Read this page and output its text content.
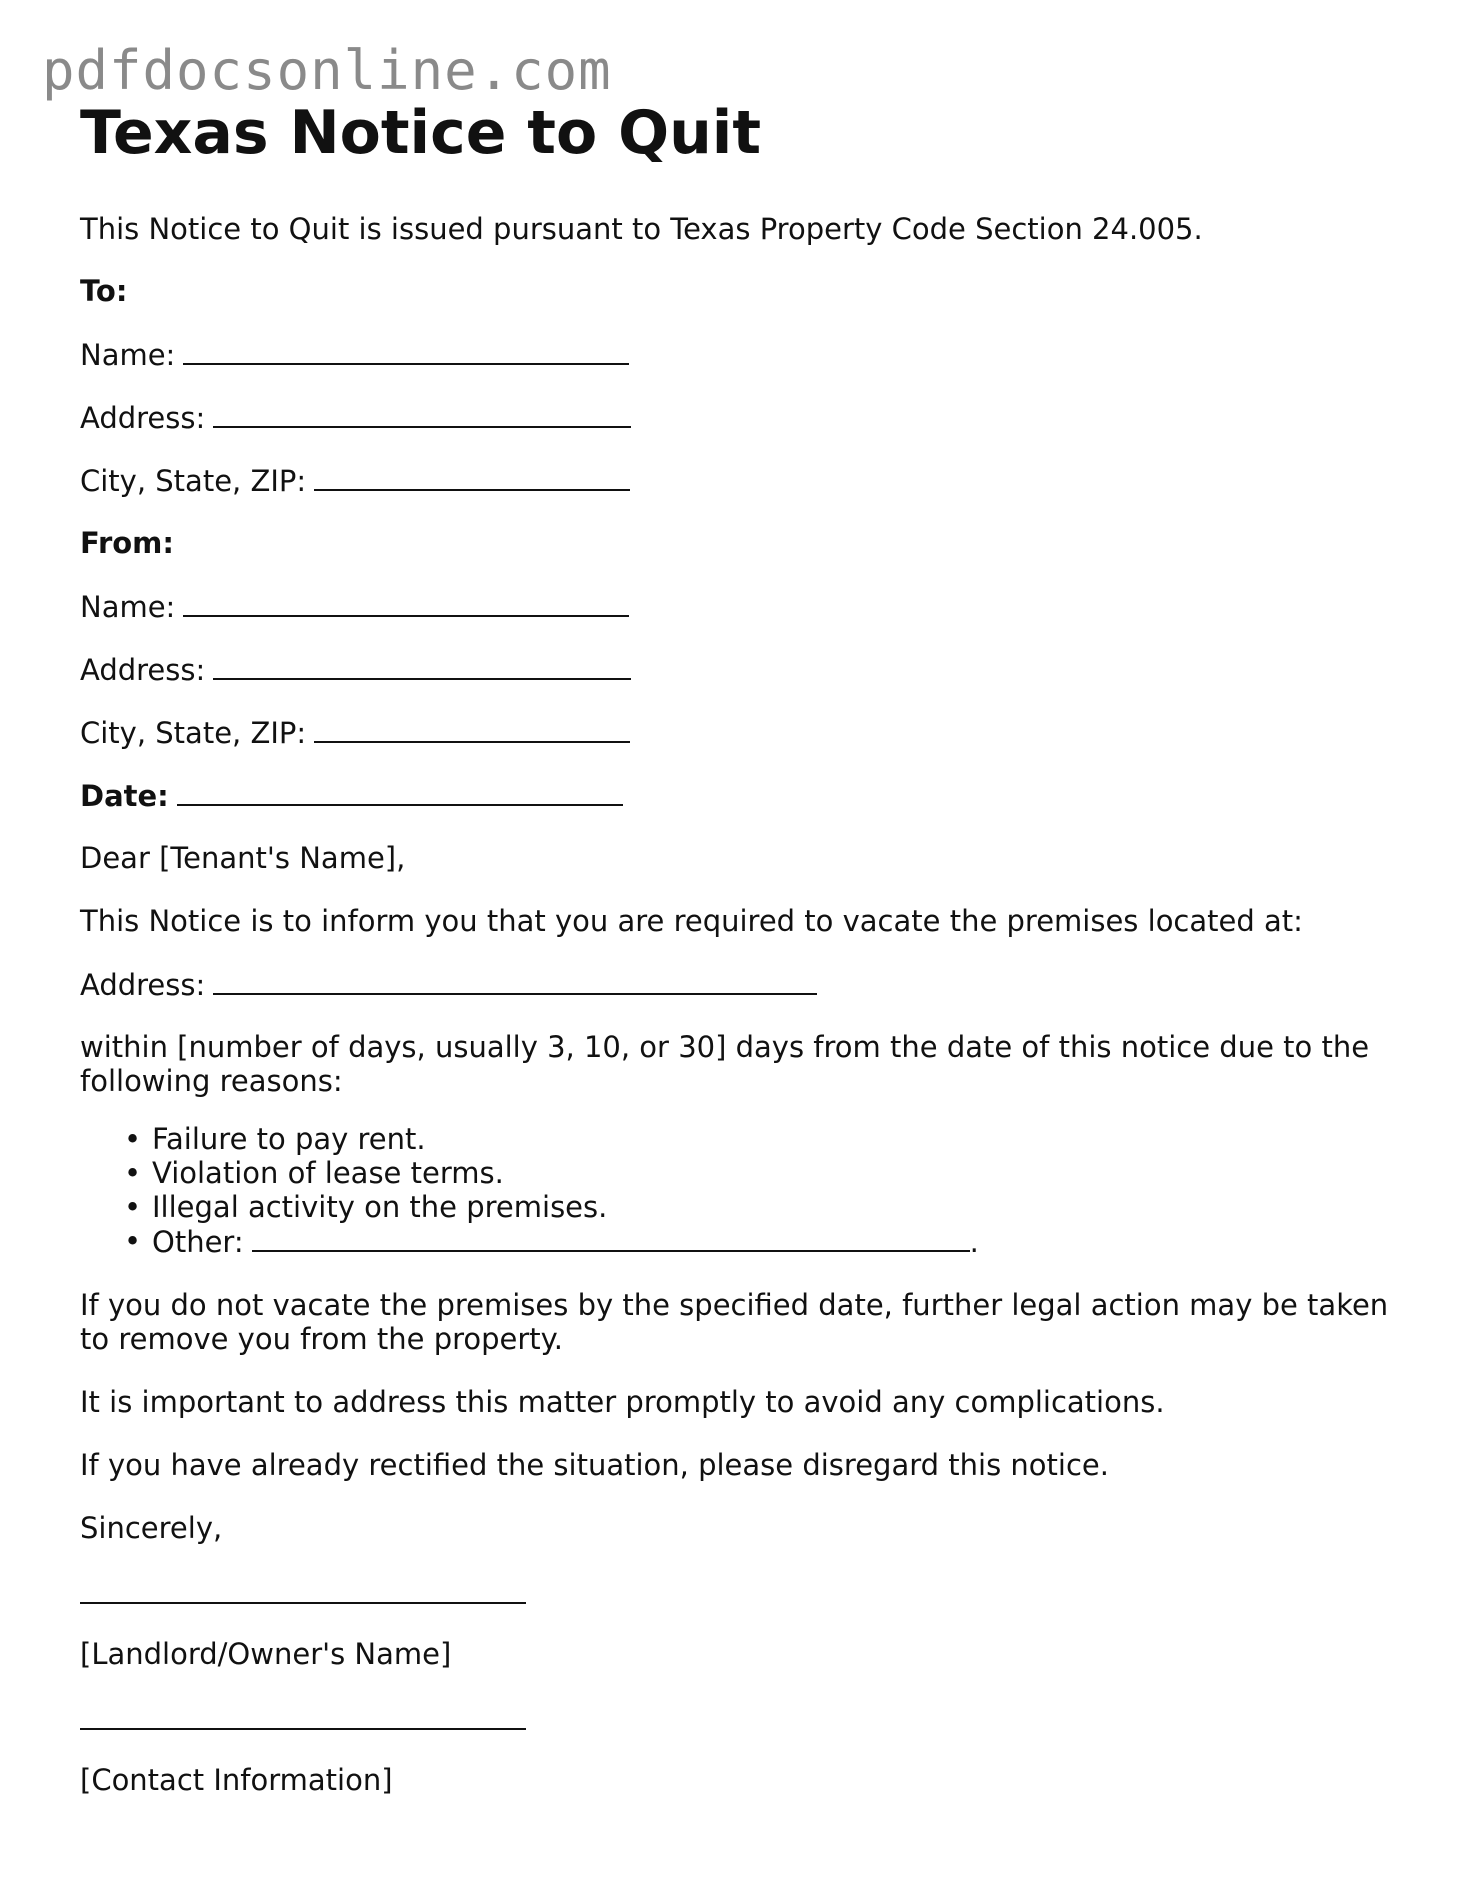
pdfdocsonline.com
Texas Notice to Quit
This Notice to Quit is issued pursuant to Texas Property Code Section 24.005.
To:
Name:
Address:
City, State, ZIP:
From:
Name:
Address:
City, State, ZIP:
Date:
Dear [Tenant's Name],
This Notice is to inform you that you are required to vacate the premises located at:
Address:
within [number of days, usually 3, 10, or 30] days from the date of this notice due to the following reasons:
• Failure to pay rent.
• Violation of lease terms.
• Illegal activity on the premises.
• Other:	.
If you do not vacate the premises by the specified date, further legal action may be taken to remove you from the property.
It is important to address this matter promptly to avoid any complications.
If you have already rectified the situation, please disregard this notice.
Sincerely,
[Landlord/Owner's Name]
[Contact Information]
